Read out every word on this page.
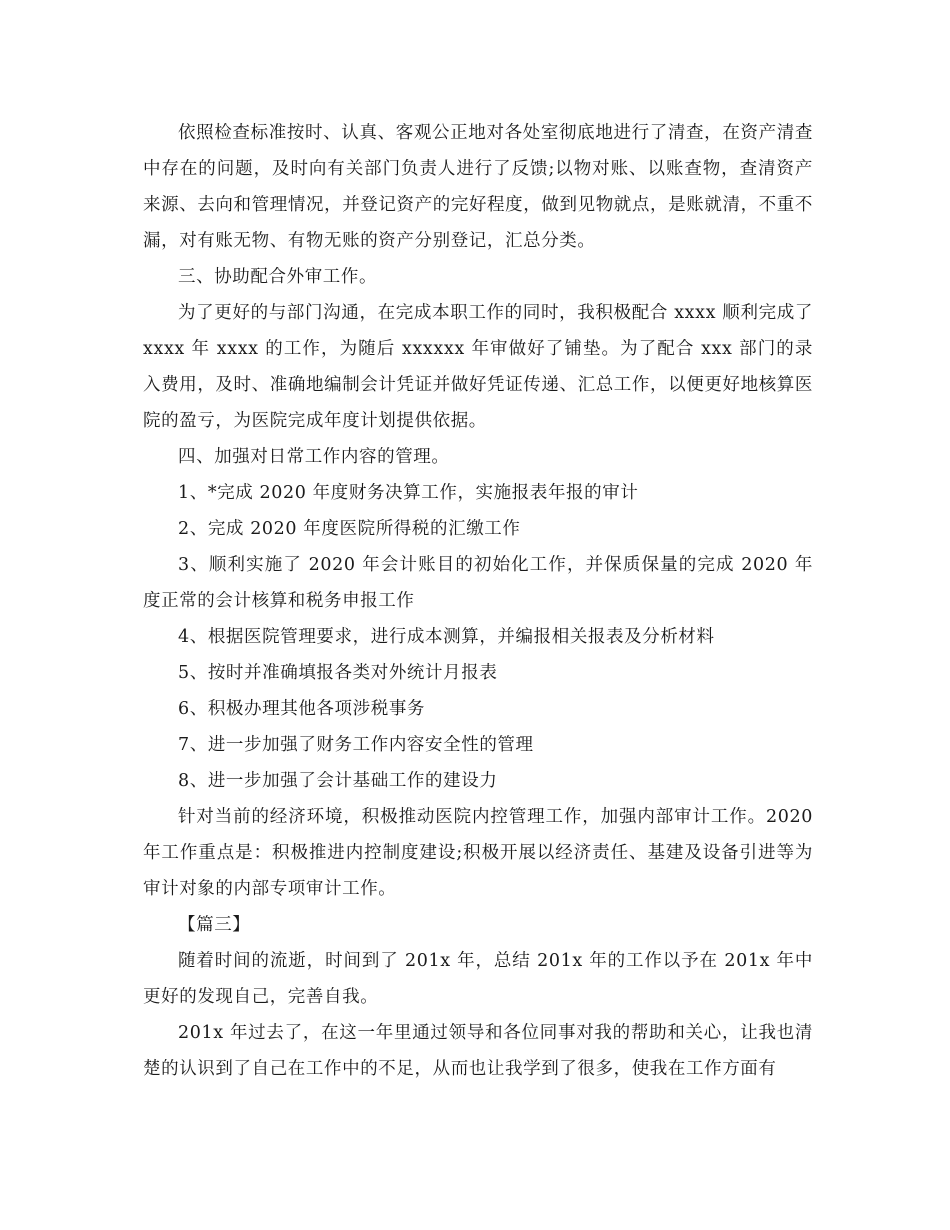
依照检查标准按时、认真、客观公正地对各处室彻底地进行了清查，在资产清查中存在的问题，及时向有关部门负责人进行了反馈;以物对账、以账查物，查清资产来源、去向和管理情况，并登记资产的完好程度，做到见物就点，是账就清，不重不漏，对有账无物、有物无账的资产分别登记，汇总分类。

三、协助配合外审工作。

为了更好的与部门沟通，在完成本职工作的同时，我积极配合 xxxx 顺利完成了 xxxx 年 xxxx 的工作，为随后 xxxxxx 年审做好了铺垫。为了配合 xxx 部门的录入费用，及时、准确地编制会计凭证并做好凭证传递、汇总工作，以便更好地核算医院的盈亏，为医院完成年度计划提供依据。

四、加强对日常工作内容的管理。

1、*完成 2020 年度财务决算工作，实施报表年报的审计

2、完成 2020 年度医院所得税的汇缴工作

3、顺利实施了 2020 年会计账目的初始化工作，并保质保量的完成 2020 年度正常的会计核算和税务申报工作

4、根据医院管理要求，进行成本测算，并编报相关报表及分析材料

5、按时并准确填报各类对外统计月报表

6、积极办理其他各项涉税事务

7、进一步加强了财务工作内容安全性的管理

8、进一步加强了会计基础工作的建设力

针对当前的经济环境，积极推动医院内控管理工作，加强内部审计工作。2020 年工作重点是：积极推进内控制度建设;积极开展以经济责任、基建及设备引进等为审计对象的内部专项审计工作。

【篇三】

随着时间的流逝，时间到了 201x 年，总结 201x 年的工作以予在 201x 年中更好的发现自己，完善自我。

201x 年过去了，在这一年里通过领导和各位同事对我的帮助和关心，让我也清楚的认识到了自己在工作中的不足，从而也让我学到了很多，使我在工作方面有
